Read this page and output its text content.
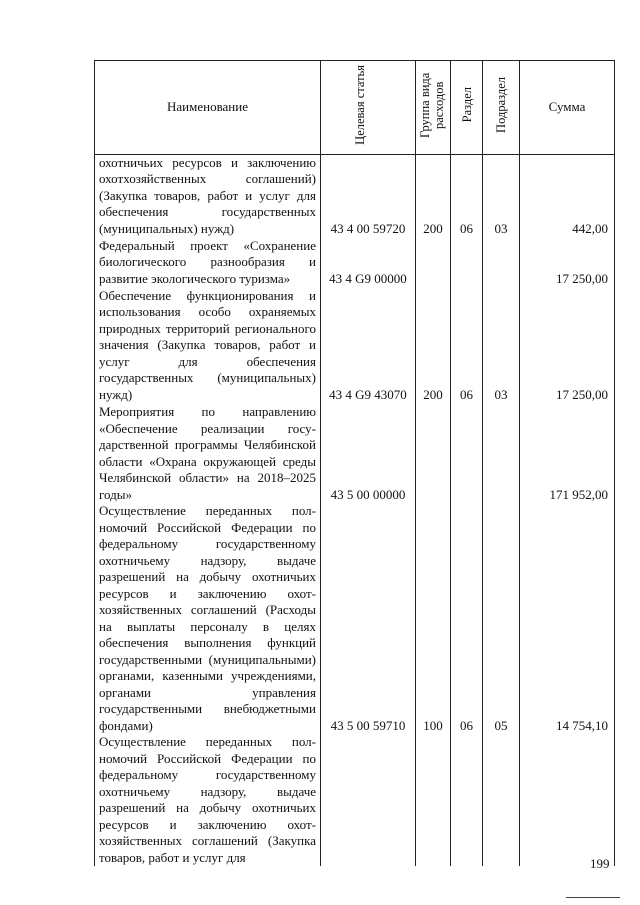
Наименование	Целевая статья	Группа вида расходов	Раздел	Подраздел	Сумма
охотничьих ресурсов и заключению охотхозяйственных соглашений) (Закупка товаров, работ и услуг для обеспечения государственных (муниципальных) нужд)	43 4 00 59720	200	06	03	442,00
Федеральный проект «Сохранение биологического разнообразия и развитие экологического туризма»	43 4 G9 00000				17 250,00
Обеспечение функционирования и использования особо охраняемых природных территорий регионального значения (Закупка товаров, работ и услуг для обеспечения государственных (муниципальных) нужд)	43 4 G9 43070	200	06	03	17 250,00
Мероприятия по направлению «Обеспечение реализации государственной программы Челябинской области «Охрана окружающей среды Челябинской области» на 2018–2025 годы»	43 5 00 00000				171 952,00
Осуществление переданных полномочий Российской Федерации по федеральному государственному охотничьему надзору, выдаче разрешений на добычу охотничьих ресурсов и заключению охотхозяйственных соглашений (Расходы на выплаты персоналу в целях обеспечения выполнения функций государственными (муниципальными) органами, казенными учреждениями, органами управления государственными внебюджетными фондами)	43 5 00 59710	100	06	05	14 754,10
Осуществление переданных полномочий Российской Федерации по федеральному государственному охотничьему надзору, выдаче разрешений на добычу охотничьих ресурсов и заключению охотхозяйственных соглашений (Закупка товаров, работ и услуг для						199
